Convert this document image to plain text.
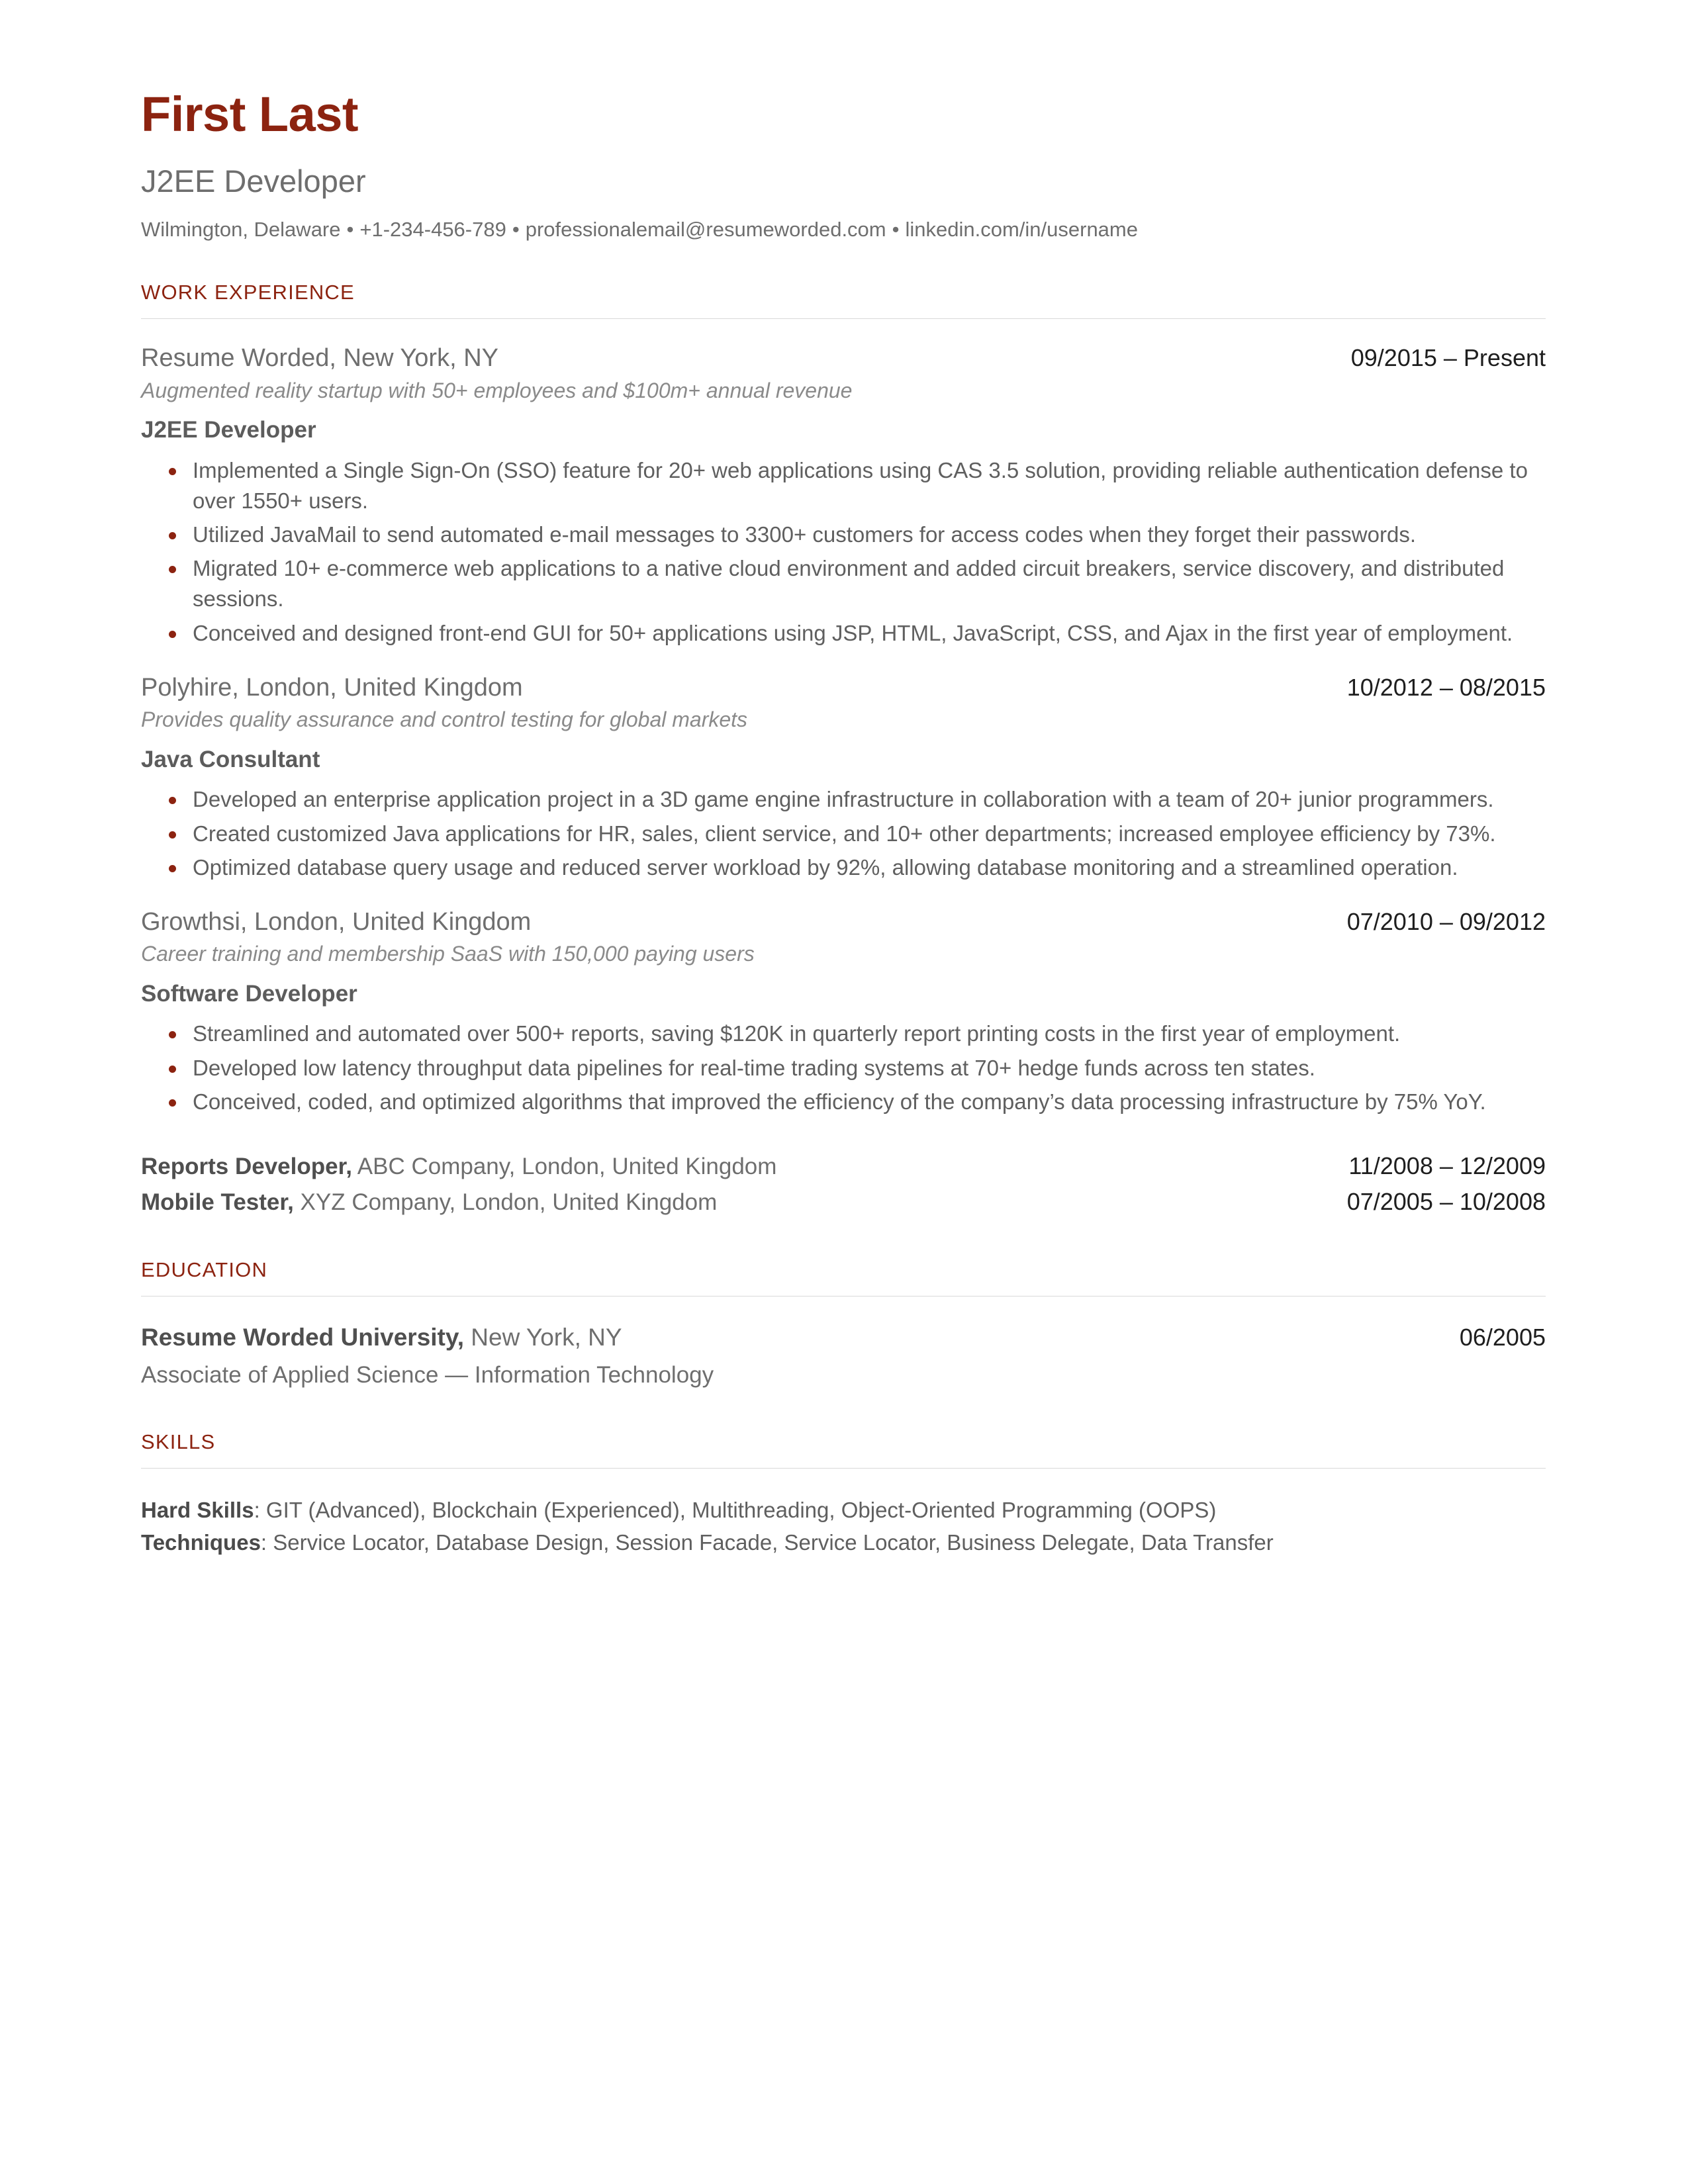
First Last
J2EE Developer
Wilmington, Delaware • +1-234-456-789 • professionalemail@resumeworded.com • linkedin.com/in/username
WORK EXPERIENCE
Resume Worded, New York, NY	09/2015 – Present
Augmented reality startup with 50+ employees and $100m+ annual revenue
J2EE Developer
Implemented a Single Sign-On (SSO) feature for 20+ web applications using CAS 3.5 solution, providing reliable authentication defense to over 1550+ users.
Utilized JavaMail to send automated e-mail messages to 3300+ customers for access codes when they forget their passwords.
Migrated 10+ e-commerce web applications to a native cloud environment and added circuit breakers, service discovery, and distributed sessions.
Conceived and designed front-end GUI for 50+ applications using JSP, HTML, JavaScript, CSS, and Ajax in the first year of employment.
Polyhire, London, United Kingdom	10/2012 – 08/2015
Provides quality assurance and control testing for global markets
Java Consultant
Developed an enterprise application project in a 3D game engine infrastructure in collaboration with a team of 20+ junior programmers.
Created customized Java applications for HR, sales, client service, and 10+ other departments; increased employee efficiency by 73%.
Optimized database query usage and reduced server workload by 92%, allowing database monitoring and a streamlined operation.
Growthsi, London, United Kingdom	07/2010 – 09/2012
Career training and membership SaaS with 150,000 paying users
Software Developer
Streamlined and automated over 500+ reports, saving $120K in quarterly report printing costs in the first year of employment.
Developed low latency throughput data pipelines for real-time trading systems at 70+ hedge funds across ten states.
Conceived, coded, and optimized algorithms that improved the efficiency of the company’s data processing infrastructure by 75% YoY.
Reports Developer, ABC Company, London, United Kingdom	11/2008 – 12/2009
Mobile Tester, XYZ Company, London, United Kingdom	07/2005 – 10/2008
EDUCATION
Resume Worded University, New York, NY	06/2005
Associate of Applied Science — Information Technology
SKILLS
Hard Skills: GIT (Advanced), Blockchain (Experienced), Multithreading, Object-Oriented Programming (OOPS)
Techniques: Service Locator, Database Design, Session Facade, Service Locator, Business Delegate, Data Transfer
